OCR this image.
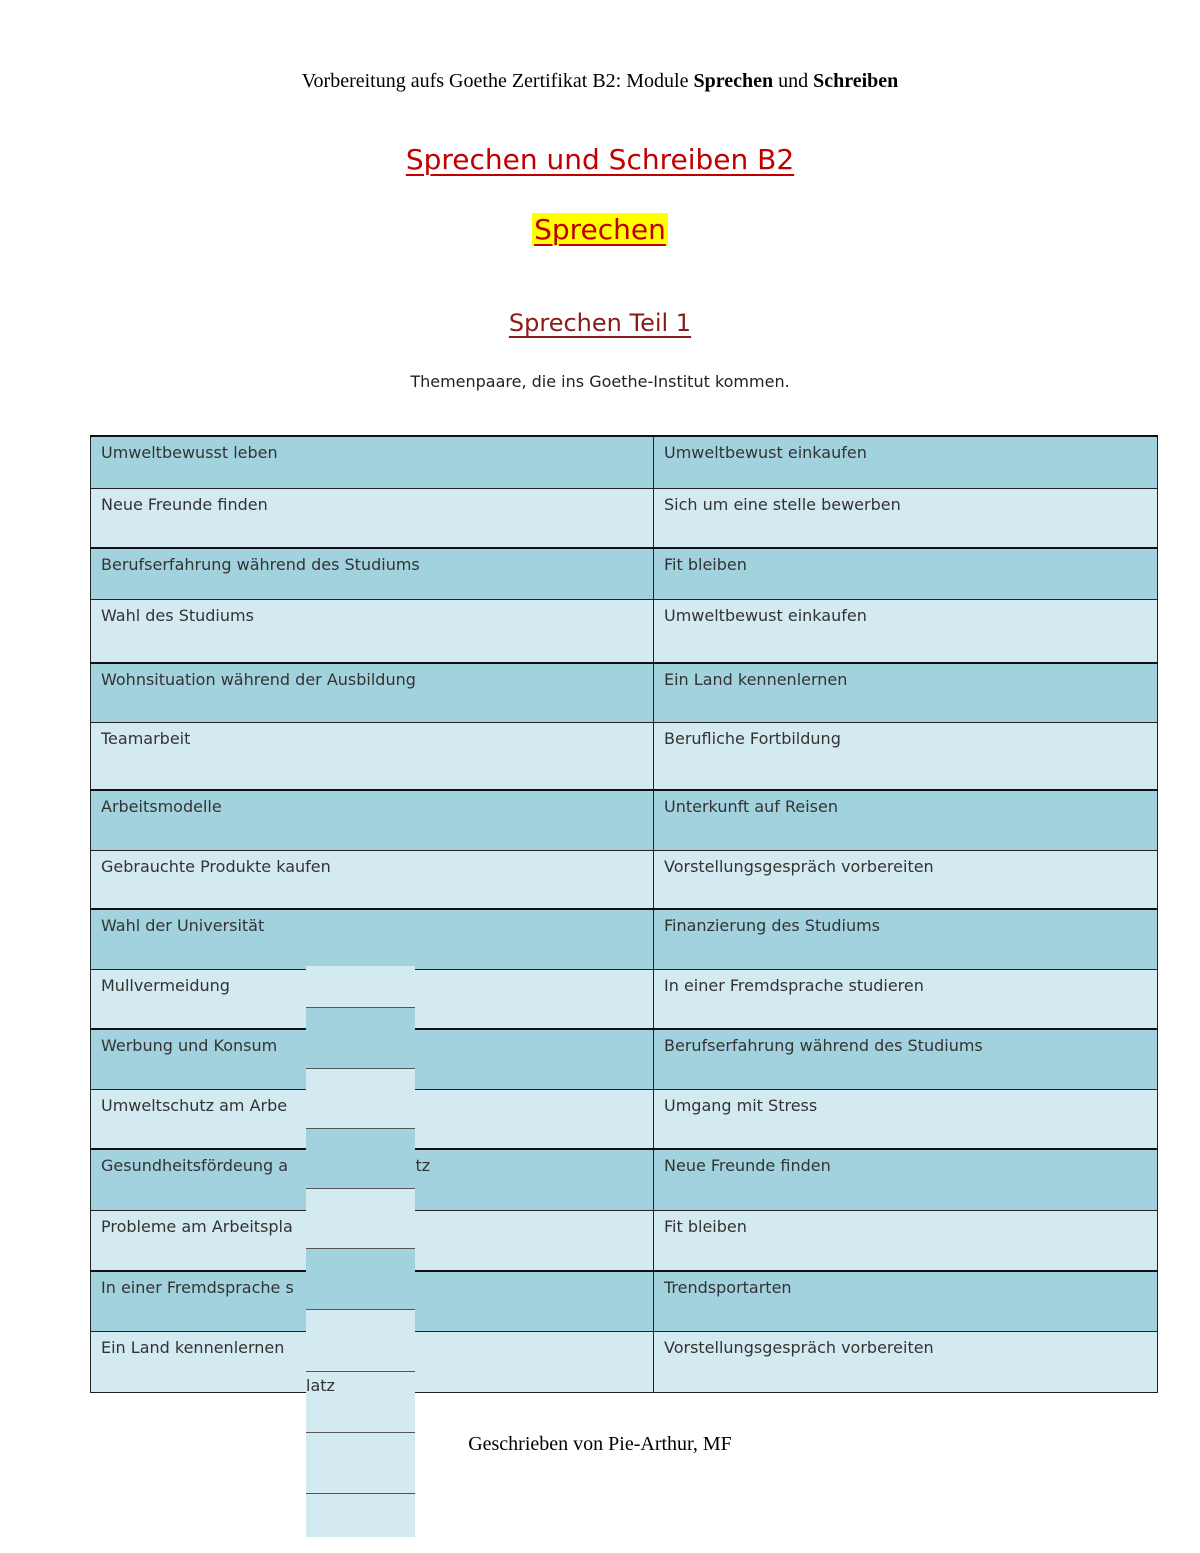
Vorbereitung aufs Goethe Zertifikat B2: Module Sprechen und Schreiben
Sprechen und Schreiben B2
Sprechen
Sprechen Teil 1
Themenpaare, die ins Goethe-Institut kommen.
Umweltbewusst leben	Umweltbewust einkaufen
Neue Freunde finden	Sich um eine stelle bewerben
Berufserfahrung während des Studiums	Fit bleiben
Wahl des Studiums	Umweltbewust einkaufen
Wohnsituation während der Ausbildung	Ein Land kennenlernen
Teamarbeit	Berufliche Fortbildung
Arbeitsmodelle	Unterkunft auf Reisen
Gebrauchte Produkte kaufen	Vorstellungsgespräch vorbereiten
Wahl der Universität	Finanzierung des Studiums
Mullvermeidung	In einer Fremdsprache studieren
Werbung und Konsum	Berufserfahrung während des Studiums
Umweltschutz am Arbe	Umgang mit Stress
Gesundheitsfördeung a tz	Neue Freunde finden
Probleme am Arbeitspla	Fit bleiben
In einer Fremdsprache s	Trendsportarten
Ein Land kennenlernen	Vorstellungsgespräch vorbereiten
latz
Geschrieben von Pie-Arthur, MF
